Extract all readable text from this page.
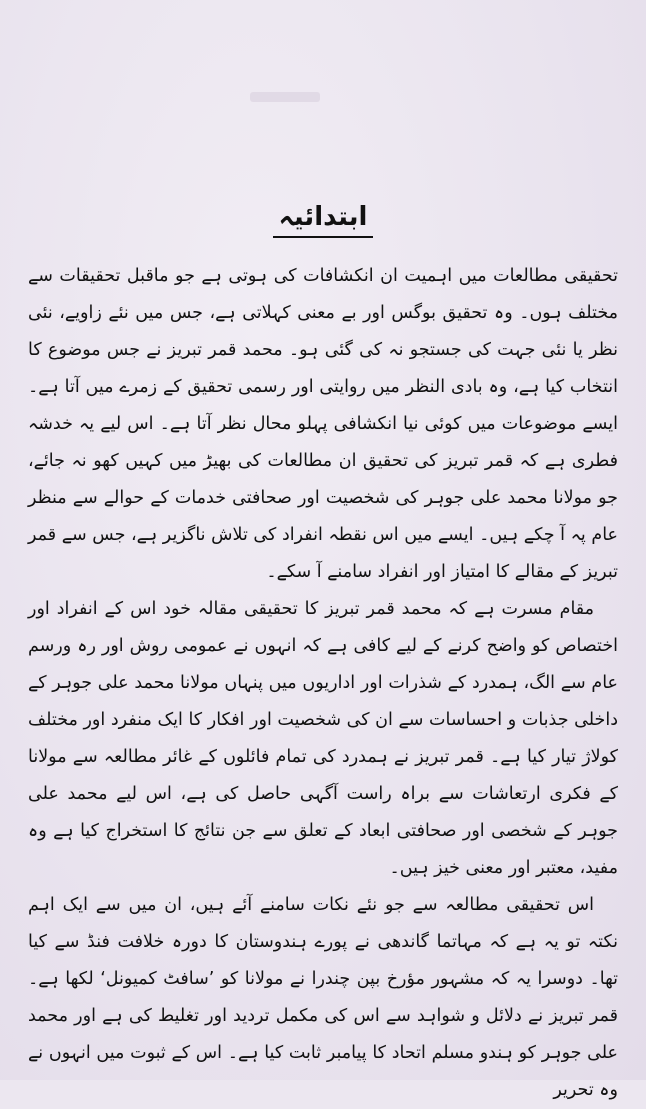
ابتدائیہ

تحقیقی مطالعات میں اہمیت ان انکشافات کی ہوتی ہے جو ماقبل تحقیقات سے مختلف ہوں۔ وہ تحقیق بوگس اور بے معنی کہلاتی ہے، جس میں نئے زاویے، نئی نظر یا نئی جہت کی جستجو نہ کی گئی ہو۔ محمد قمر تبریز نے جس موضوع کا انتخاب کیا ہے، وہ بادی النظر میں روایتی اور رسمی تحقیق کے زمرے میں آتا ہے۔ ایسے موضوعات میں کوئی نیا انکشافی پہلو محال نظر آتا ہے۔ اس لیے یہ خدشہ فطری ہے کہ قمر تبریز کی تحقیق ان مطالعات کی بھیڑ میں کہیں کھو نہ جائے، جو مولانا محمد علی جوہر کی شخصیت اور صحافتی خدمات کے حوالے سے منظر عام پہ آ چکے ہیں۔ ایسے میں اس نقطہ انفراد کی تلاش ناگزیر ہے، جس سے قمر تبریز کے مقالے کا امتیاز اور انفراد سامنے آ سکے۔

مقام مسرت ہے کہ محمد قمر تبریز کا تحقیقی مقالہ خود اس کے انفراد اور اختصاص کو واضح کرنے کے لیے کافی ہے کہ انہوں نے عمومی روش اور رہ ورسم عام سے الگ، ہمدرد کے شذرات اور اداریوں میں پنہاں مولانا محمد علی جوہر کے داخلی جذبات و احساسات سے ان کی شخصیت اور افکار کا ایک منفرد اور مختلف کولاژ تیار کیا ہے۔ قمر تبریز نے ہمدرد کی تمام فائلوں کے غائر مطالعہ سے مولانا کے فکری ارتعاشات سے براہ راست آگہی حاصل کی ہے، اس لیے محمد علی جوہر کے شخصی اور صحافتی ابعاد کے تعلق سے جن نتائج کا استخراج کیا ہے وہ مفید، معتبر اور معنی خیز ہیں۔

اس تحقیقی مطالعہ سے جو نئے نکات سامنے آئے ہیں، ان میں سے ایک اہم نکتہ تو یہ ہے کہ مہاتما گاندھی نے پورے ہندوستان کا دورہ خلافت فنڈ سے کیا تھا۔ دوسرا یہ کہ مشہور مؤرخ بپن چندرا نے مولانا کو ’سافٹ کمیونل‘ لکھا ہے۔ قمر تبریز نے دلائل و شواہد سے اس کی مکمل تردید اور تغلیط کی ہے اور محمد علی جوہر کو ہندو مسلم اتحاد کا پیامبر ثابت کیا ہے۔ اس کے ثبوت میں انہوں نے وہ تحریر
